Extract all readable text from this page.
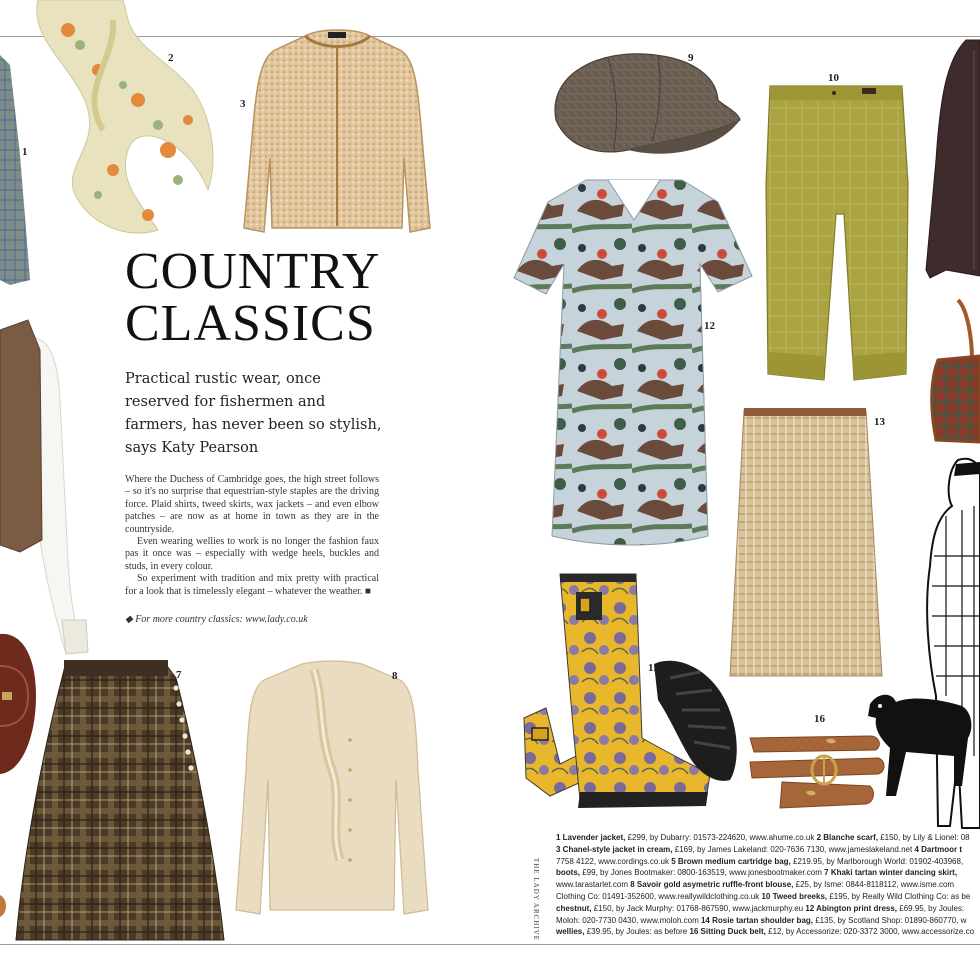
1
2
3
7	8
COUNTRY
CLASSICS
Practical rustic wear, once reserved for fishermen and farmers, has never been so stylish, says Katy Pearson

Where the Duchess of Cambridge goes, the high street follows – so it's no surprise that equestrian-style staples are the driving force. Plaid shirts, tweed skirts, wax jackets – and even elbow patches – are now as at home in town as they are in the countryside.

Even wearing wellies to work is no longer the fashion faux pas it once was – especially with wedge heels, buckles and studs, in every colour.

So experiment with tradition and mix pretty with practical for a look that is timelessly elegant – whatever the weather. ■

◆ For more country classics: www.lady.co.uk
9
10
12
13
15
16
THE LADY ARCHIVE
1 Lavender jacket, £299, by Dubarry: 01573-224620, www.ahume.co.uk 2 Blanche scarf, £150, by Lily & Lionel: 08
3 Chanel-style jacket in cream, £169, by James Lakeland: 020-7636 7130, www.jameslakeland.net 4 Dartmoor t
7758 4122, www.cordings.co.uk 5 Brown medium cartridge bag, £219.95, by Marlborough World: 01902-403968,
boots, £99, by Jones Bootmaker: 0800-163519, www.jonesbootmaker.com 7 Khaki tartan winter dancing skirt,
www.tarastarlet.com 8 Savoir gold asymetric ruffle-front blouse, £25, by Isme: 0844-8118112, www.isme.com
Clothing Co: 01491-352600, www.reallywildclothing.co.uk 10 Tweed breeks, £195, by Really Wild Clothing Co: as be
chestnut, £150, by Jack Murphy: 01768-867590, www.jackmurphy.eu 12 Abington print dress, £69.95, by Joules:
Moloh: 020-7730 0430, www.moloh.com 14 Rosie tartan shoulder bag, £135, by Scotland Shop: 01890-860770, w
wellies, £39.95, by Joules: as before 16 Sitting Duck belt, £12, by Accessorize: 020-3372 3000, www.accessorize.co
